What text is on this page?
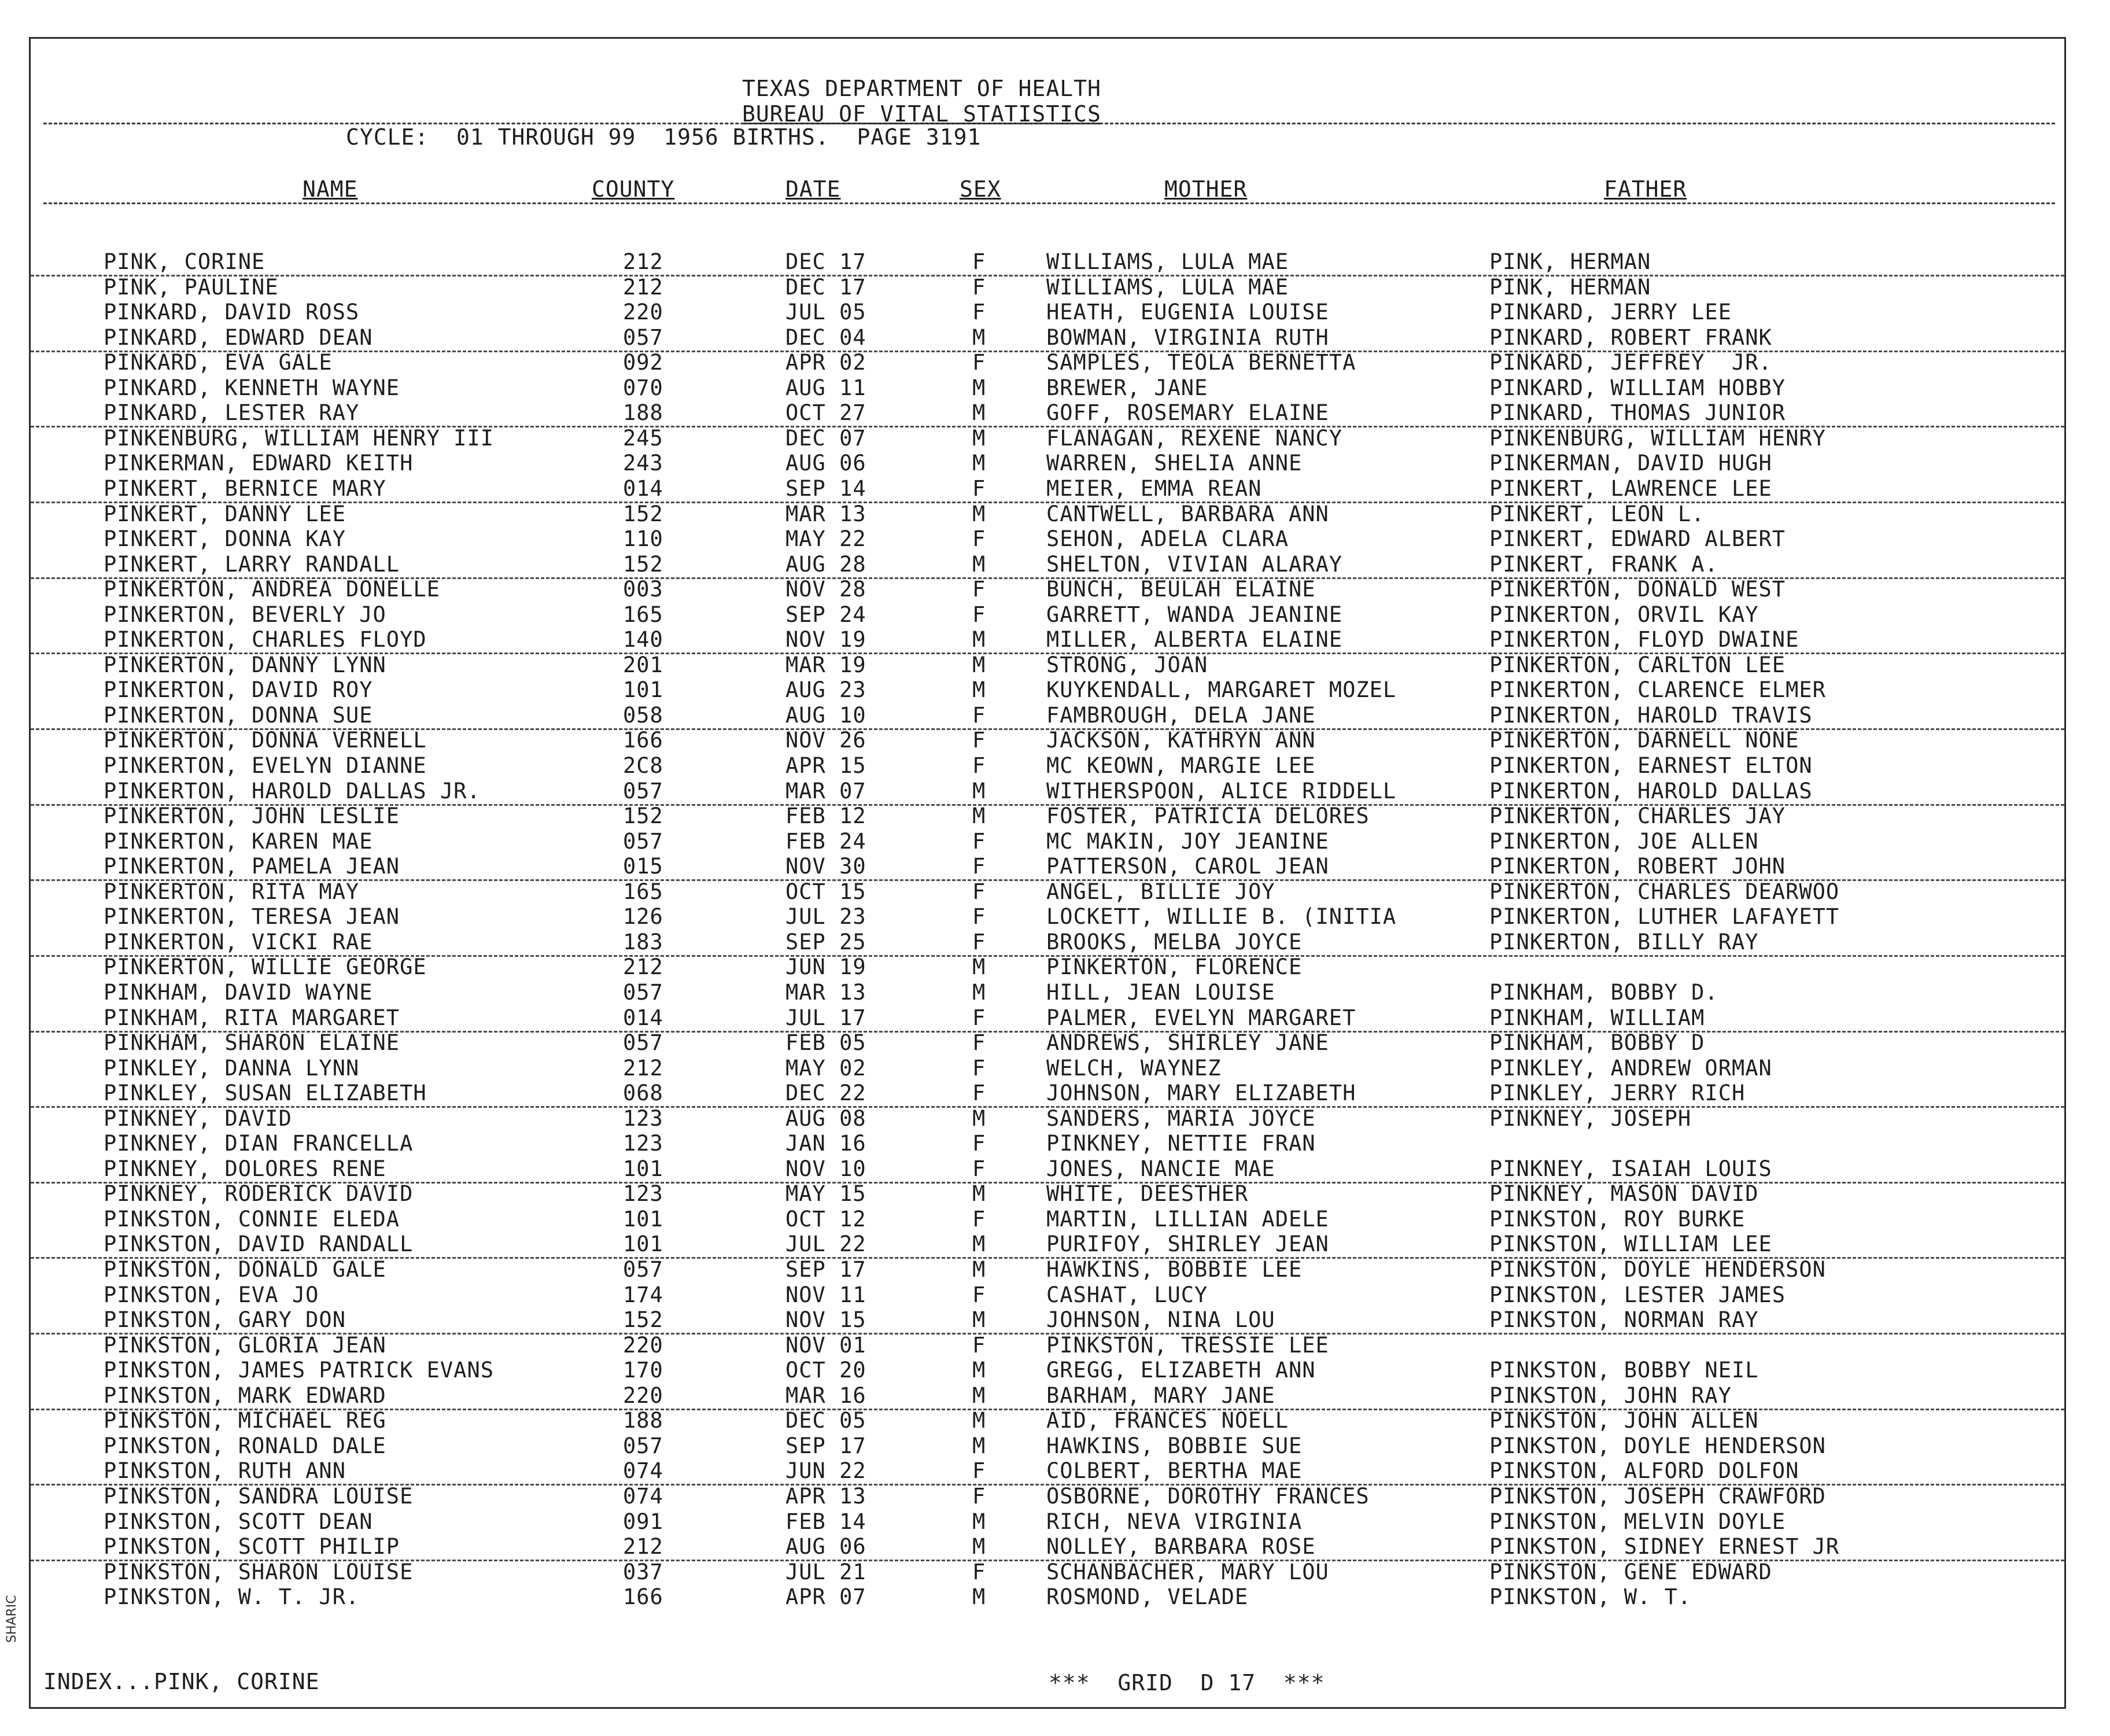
TEXAS DEPARTMENT OF HEALTH
BUREAU OF VITAL STATISTICS
CYCLE:  01 THROUGH 99  1956 BIRTHS.  PAGE 3191
NAME	COUNTY	DATE	SEX	MOTHER	FATHER
PINK, CORINE	212	DEC 17	F	WILLIAMS, LULA MAE	PINK, HERMAN
PINK, PAULINE	212	DEC 17	F	WILLIAMS, LULA MAE	PINK, HERMAN
PINKARD, DAVID ROSS	220	JUL 05	F	HEATH, EUGENIA LOUISE	PINKARD, JERRY LEE
PINKARD, EDWARD DEAN	057	DEC 04	M	BOWMAN, VIRGINIA RUTH	PINKARD, ROBERT FRANK
PINKARD, EVA GALE	092	APR 02	F	SAMPLES, TEOLA BERNETTA	PINKARD, JEFFREY  JR.
PINKARD, KENNETH WAYNE	070	AUG 11	M	BREWER, JANE	PINKARD, WILLIAM HOBBY
PINKARD, LESTER RAY	188	OCT 27	M	GOFF, ROSEMARY ELAINE	PINKARD, THOMAS JUNIOR
PINKENBURG, WILLIAM HENRY III	245	DEC 07	M	FLANAGAN, REXENE NANCY	PINKENBURG, WILLIAM HENRY
PINKERMAN, EDWARD KEITH	243	AUG 06	M	WARREN, SHELIA ANNE	PINKERMAN, DAVID HUGH
PINKERT, BERNICE MARY	014	SEP 14	F	MEIER, EMMA REAN	PINKERT, LAWRENCE LEE
PINKERT, DANNY LEE	152	MAR 13	M	CANTWELL, BARBARA ANN	PINKERT, LEON L.
PINKERT, DONNA KAY	110	MAY 22	F	SEHON, ADELA CLARA	PINKERT, EDWARD ALBERT
PINKERT, LARRY RANDALL	152	AUG 28	M	SHELTON, VIVIAN ALARAY	PINKERT, FRANK A.
PINKERTON, ANDREA DONELLE	003	NOV 28	F	BUNCH, BEULAH ELAINE	PINKERTON, DONALD WEST
PINKERTON, BEVERLY JO	165	SEP 24	F	GARRETT, WANDA JEANINE	PINKERTON, ORVIL KAY
PINKERTON, CHARLES FLOYD	140	NOV 19	M	MILLER, ALBERTA ELAINE	PINKERTON, FLOYD DWAINE
PINKERTON, DANNY LYNN	201	MAR 19	M	STRONG, JOAN	PINKERTON, CARLTON LEE
PINKERTON, DAVID ROY	101	AUG 23	M	KUYKENDALL, MARGARET MOZEL	PINKERTON, CLARENCE ELMER
PINKERTON, DONNA SUE	058	AUG 10	F	FAMBROUGH, DELA JANE	PINKERTON, HAROLD TRAVIS
PINKERTON, DONNA VERNELL	166	NOV 26	F	JACKSON, KATHRYN ANN	PINKERTON, DARNELL NONE
PINKERTON, EVELYN DIANNE	2C8	APR 15	F	MC KEOWN, MARGIE LEE	PINKERTON, EARNEST ELTON
PINKERTON, HAROLD DALLAS JR.	057	MAR 07	M	WITHERSPOON, ALICE RIDDELL	PINKERTON, HAROLD DALLAS
PINKERTON, JOHN LESLIE	152	FEB 12	M	FOSTER, PATRICIA DELORES	PINKERTON, CHARLES JAY
PINKERTON, KAREN MAE	057	FEB 24	F	MC MAKIN, JOY JEANINE	PINKERTON, JOE ALLEN
PINKERTON, PAMELA JEAN	015	NOV 30	F	PATTERSON, CAROL JEAN	PINKERTON, ROBERT JOHN
PINKERTON, RITA MAY	165	OCT 15	F	ANGEL, BILLIE JOY	PINKERTON, CHARLES DEARWOO
PINKERTON, TERESA JEAN	126	JUL 23	F	LOCKETT, WILLIE B. (INITIA	PINKERTON, LUTHER LAFAYETT
PINKERTON, VICKI RAE	183	SEP 25	F	BROOKS, MELBA JOYCE	PINKERTON, BILLY RAY
PINKERTON, WILLIE GEORGE	212	JUN 19	M	PINKERTON, FLORENCE
PINKHAM, DAVID WAYNE	057	MAR 13	M	HILL, JEAN LOUISE	PINKHAM, BOBBY D.
PINKHAM, RITA MARGARET	014	JUL 17	F	PALMER, EVELYN MARGARET	PINKHAM, WILLIAM
PINKHAM, SHARON ELAINE	057	FEB 05	F	ANDREWS, SHIRLEY JANE	PINKHAM, BOBBY D
PINKLEY, DANNA LYNN	212	MAY 02	F	WELCH, WAYNEZ	PINKLEY, ANDREW ORMAN
PINKLEY, SUSAN ELIZABETH	068	DEC 22	F	JOHNSON, MARY ELIZABETH	PINKLEY, JERRY RICH
PINKNEY, DAVID	123	AUG 08	M	SANDERS, MARIA JOYCE	PINKNEY, JOSEPH
PINKNEY, DIAN FRANCELLA	123	JAN 16	F	PINKNEY, NETTIE FRAN
PINKNEY, DOLORES RENE	101	NOV 10	F	JONES, NANCIE MAE	PINKNEY, ISAIAH LOUIS
PINKNEY, RODERICK DAVID	123	MAY 15	M	WHITE, DEESTHER	PINKNEY, MASON DAVID
PINKSTON, CONNIE ELEDA	101	OCT 12	F	MARTIN, LILLIAN ADELE	PINKSTON, ROY BURKE
PINKSTON, DAVID RANDALL	101	JUL 22	M	PURIFOY, SHIRLEY JEAN	PINKSTON, WILLIAM LEE
PINKSTON, DONALD GALE	057	SEP 17	M	HAWKINS, BOBBIE LEE	PINKSTON, DOYLE HENDERSON
PINKSTON, EVA JO	174	NOV 11	F	CASHAT, LUCY	PINKSTON, LESTER JAMES
PINKSTON, GARY DON	152	NOV 15	M	JOHNSON, NINA LOU	PINKSTON, NORMAN RAY
PINKSTON, GLORIA JEAN	220	NOV 01	F	PINKSTON, TRESSIE LEE
PINKSTON, JAMES PATRICK EVANS	170	OCT 20	M	GREGG, ELIZABETH ANN	PINKSTON, BOBBY NEIL
PINKSTON, MARK EDWARD	220	MAR 16	M	BARHAM, MARY JANE	PINKSTON, JOHN RAY
PINKSTON, MICHAEL REG	188	DEC 05	M	AID, FRANCES NOELL	PINKSTON, JOHN ALLEN
PINKSTON, RONALD DALE	057	SEP 17	M	HAWKINS, BOBBIE SUE	PINKSTON, DOYLE HENDERSON
PINKSTON, RUTH ANN	074	JUN 22	F	COLBERT, BERTHA MAE	PINKSTON, ALFORD DOLFON
PINKSTON, SANDRA LOUISE	074	APR 13	F	OSBORNE, DOROTHY FRANCES	PINKSTON, JOSEPH CRAWFORD
PINKSTON, SCOTT DEAN	091	FEB 14	M	RICH, NEVA VIRGINIA	PINKSTON, MELVIN DOYLE
PINKSTON, SCOTT PHILIP	212	AUG 06	M	NOLLEY, BARBARA ROSE	PINKSTON, SIDNEY ERNEST JR
PINKSTON, SHARON LOUISE	037	JUL 21	F	SCHANBACHER, MARY LOU	PINKSTON, GENE EDWARD
PINKSTON, W. T. JR.	166	APR 07	M	ROSMOND, VELADE	PINKSTON, W. T.
INDEX...PINK, CORINE	***  GRID  D 17  ***
SHARIC
